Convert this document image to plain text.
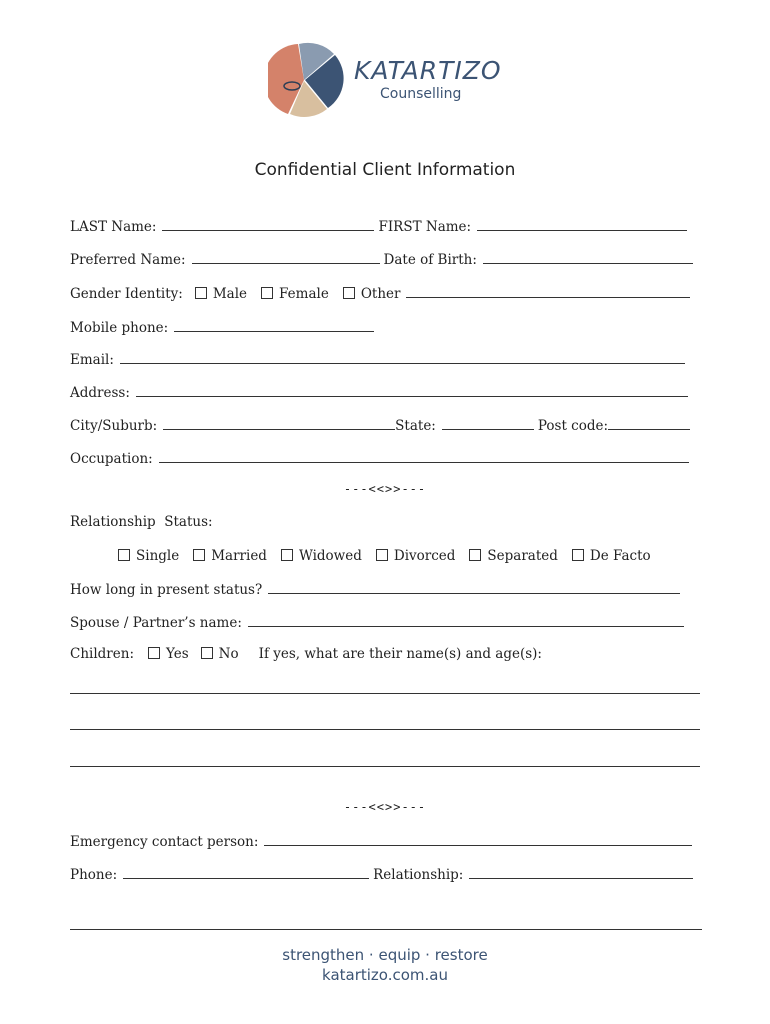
KATARTIZO
Counselling
Confidential Client Information
LAST Name:	FIRST Name:
Preferred Name:	Date of Birth:
Gender Identity:	Male	Female	Other
Mobile phone:
Email:
Address:
City/Suburb:	State:	Post code:
Occupation:
---<<>>---
Relationship  Status:
Single	Married	Widowed	Divorced	Separated	De Facto
How long in present status?
Spouse / Partner’s name:
Children:	Yes	No If yes, what are their name(s) and age(s):
---<<>>---
Emergency contact person:
Phone:	Relationship:
strengthen · equip · restore
katartizo.com.au
